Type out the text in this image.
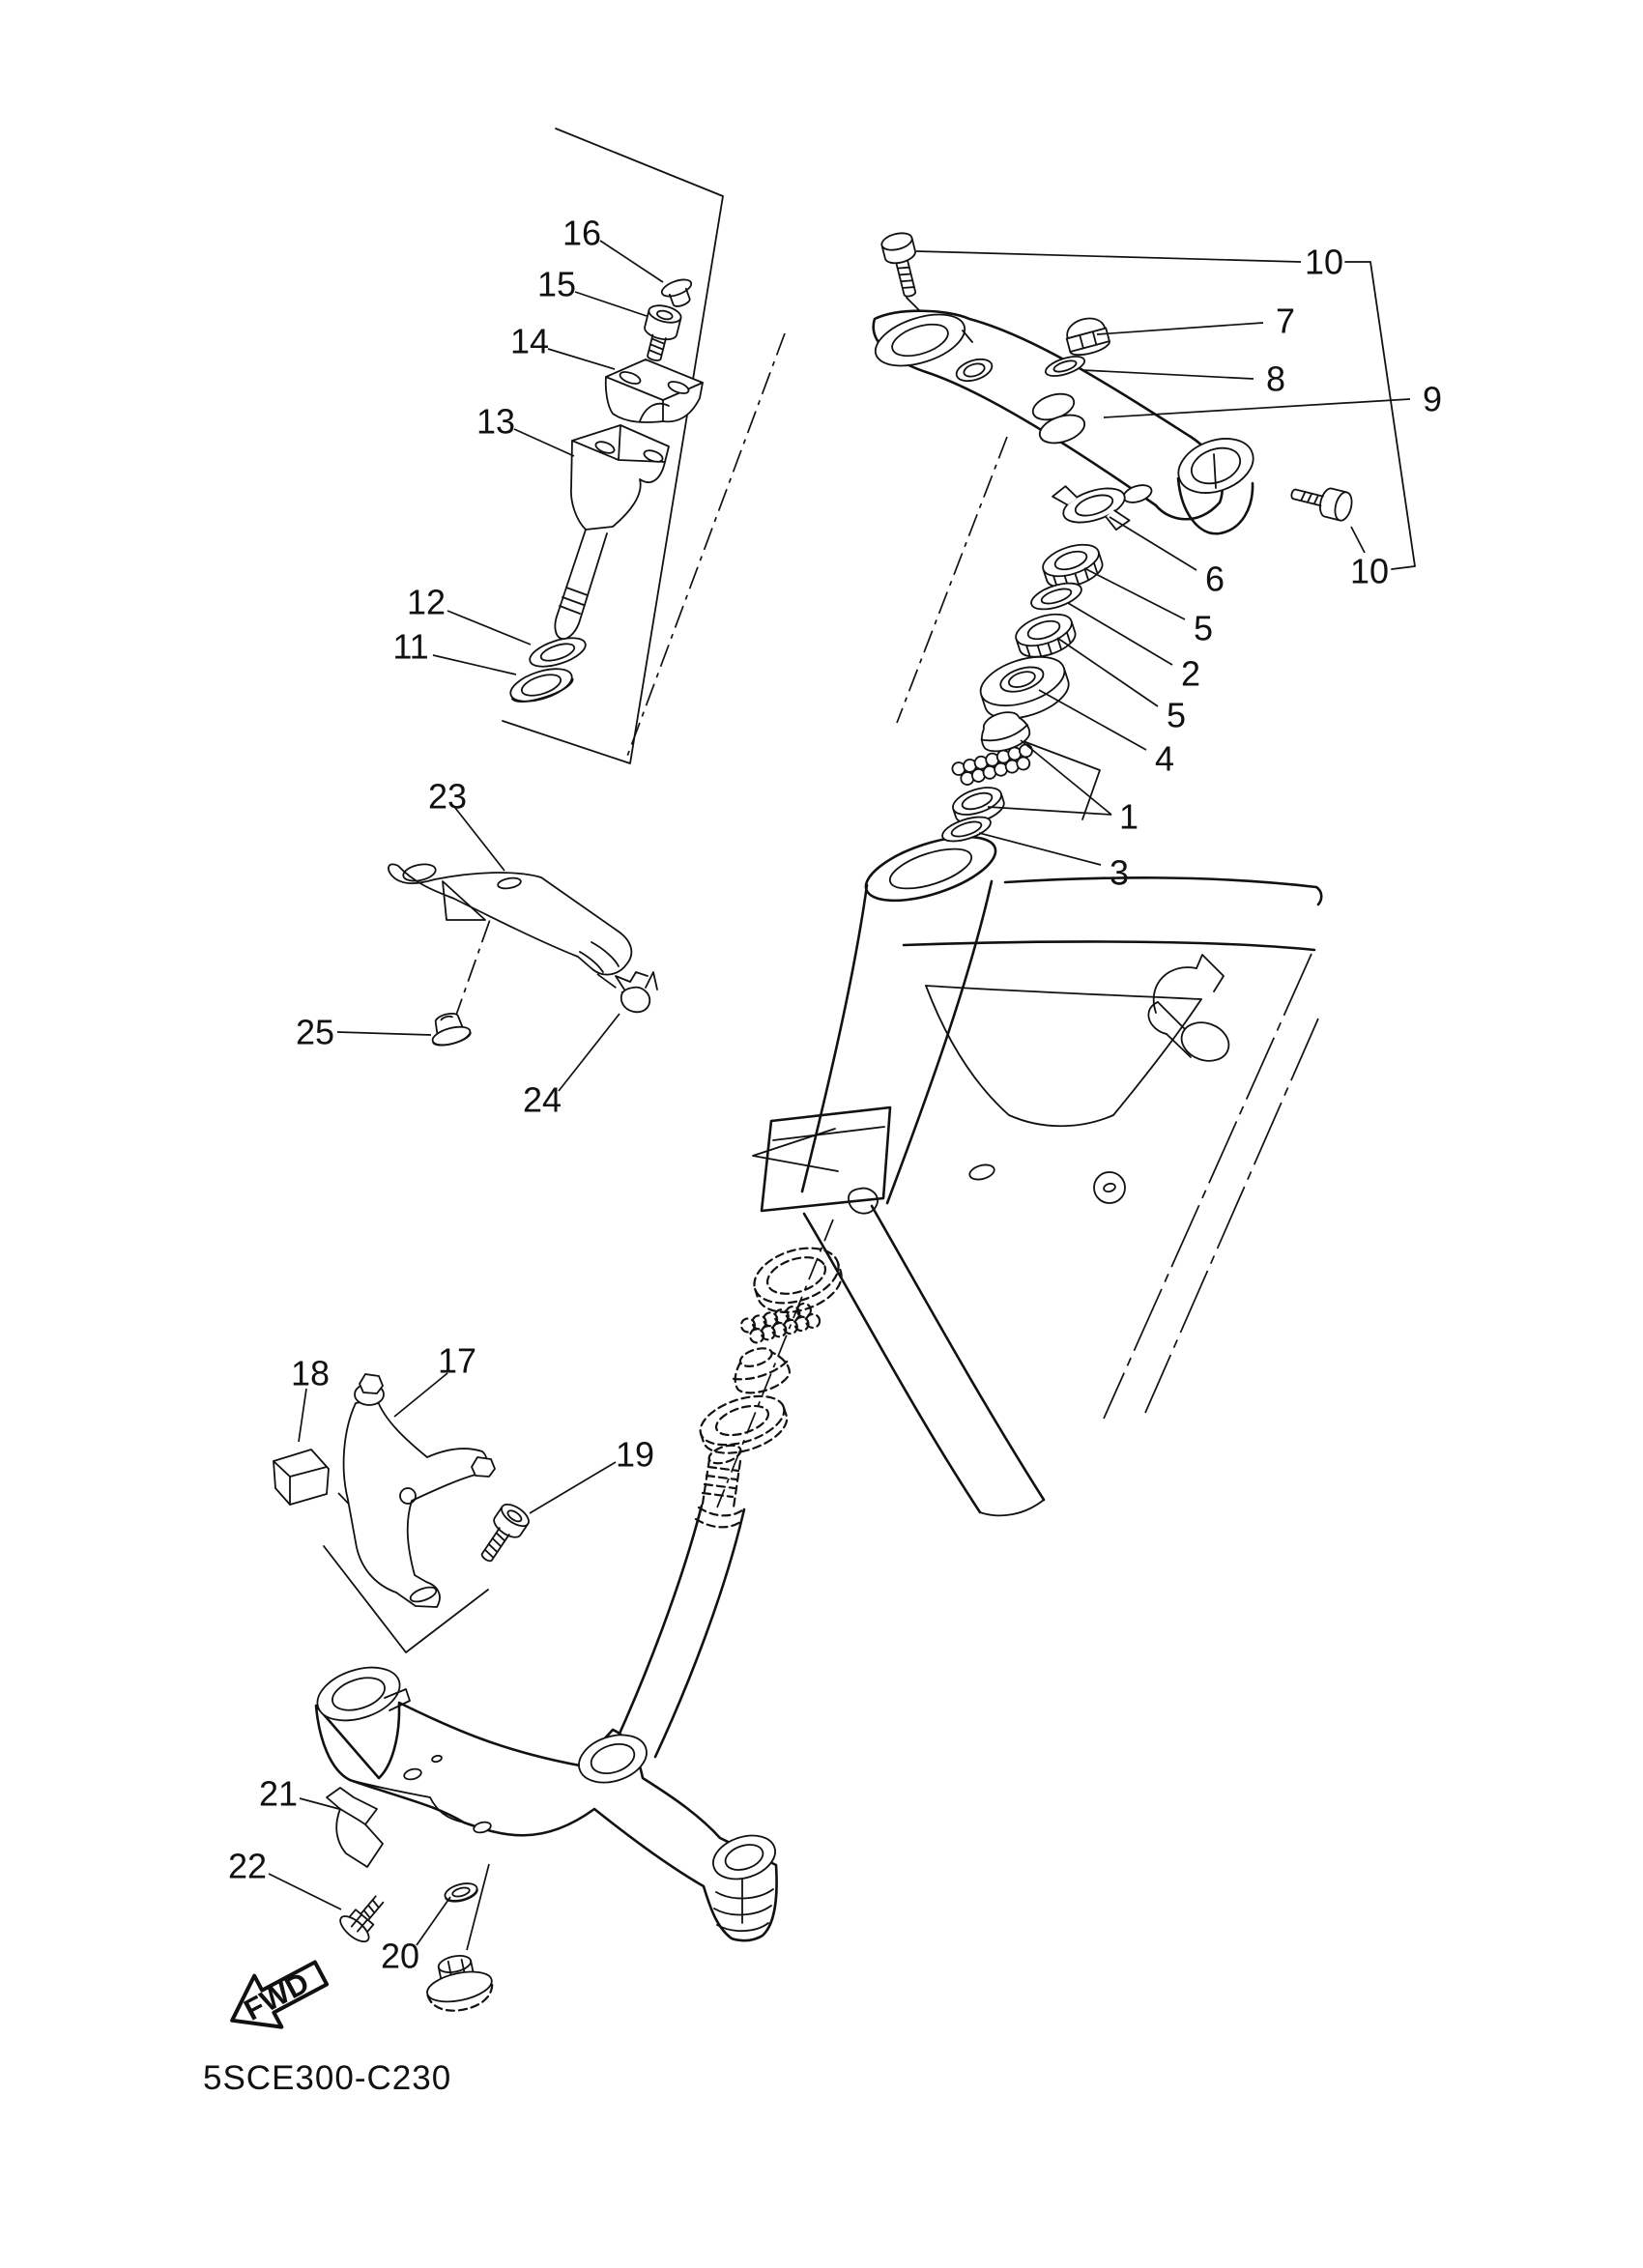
FWD
5SCE300-C230
1
2
3
4
5
5
6
7
8
9
10
10
11
12
13
14
15
16
17
18
19
20
21
22
23
24
25
